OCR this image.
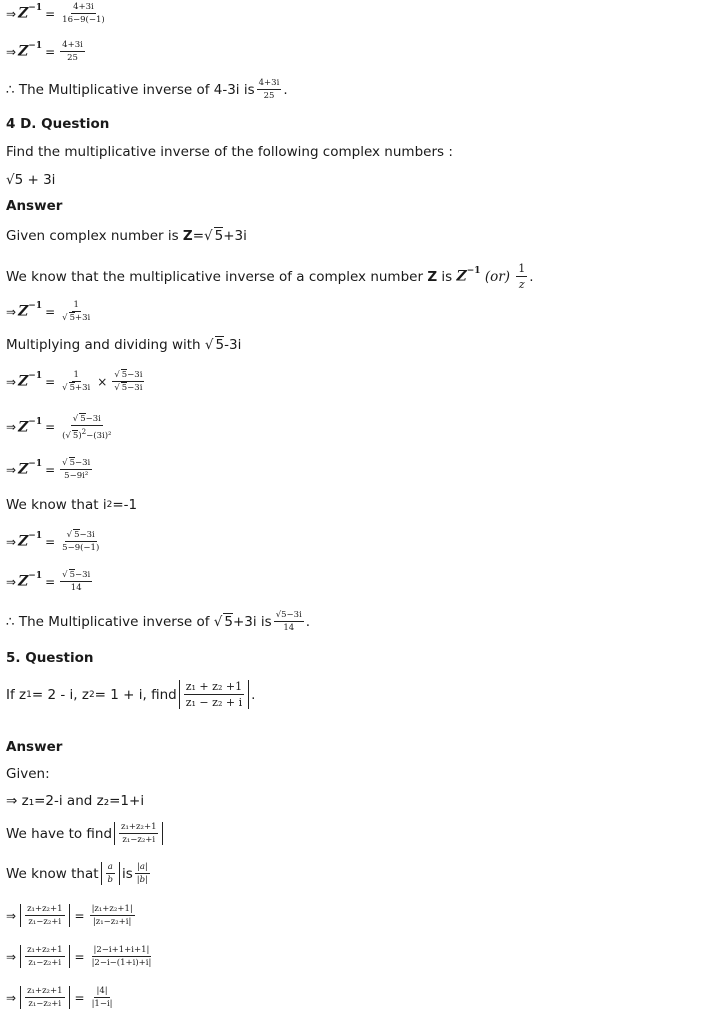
⇒ $Z^{-1} = \frac{4+3i}{16-9(-1)}$
⇒ $Z^{-1} = \frac{4+3i}{25}$
∴ The Multiplicative inverse of 4-3i is $\frac{4+3i}{25}$ .
4 D. Question
Find the multiplicative inverse of the following complex numbers :
√5 + 3i
Answer
Given complex number is
Z = √ 5 +3i
We know that the multiplicative inverse of a complex number
Z
is
$Z^{-1}$
(or)
$\frac{1}{z}$ .
⇒ $Z^{-1} = \frac{1}{√ 5+3i}$
Multiplying and dividing with
√ 5 -3i
⇒ $Z^{-1} = \frac{1}{√ 5+3i} \times \frac{√ 5-3i}{√ 5-3i}$
⇒ $Z^{-1} = \frac{√ 5-3i}{(√ 5)^2-(3i)^2}$
⇒ $Z^{-1} = \frac{√ 5-3i}{\text{5−9i²}}$
We know that i 2 =-1
⇒ $Z^{-1} = \frac{√ 5-3i}{5-9(-1)}$
⇒ $Z^{-1} = \frac{√ 5-3i}{14}$
∴ The Multiplicative inverse of
√ 5 +3i is $\frac{√5-3i}{14}$ .
5. Question
If z 1 = 2 - i, z 2 = 1 + i, find $\frac{\text{z₁ + z₂ +1}}{\text{z₁ − z₂ + i}}$ .
Answer
Given:
⇒ z₁=2-i and z₂=1+i
We have to find $\frac{\text{z₁+z₂+1}}{\text{z₁−z₂+i}}$
We know that $\frac{a}{b}$ is $\frac{|a|}{|b|}$
⇒ $\frac{\text{z₁+z₂+1}}{\text{z₁−z₂+i}} = \frac{\text{|z₁+z₂+1|}}{\text{|z₁−z₂+i|}}$
⇒ $\frac{\text{z₁+z₂+1}}{\text{z₁−z₂+i}} = \frac{|2-i+1+i+1|}{|2-i-(1+i)+i|}$
⇒ $\frac{\text{z₁+z₂+1}}{\text{z₁−z₂+i}} = \frac{|4|}{|1-i|}$
